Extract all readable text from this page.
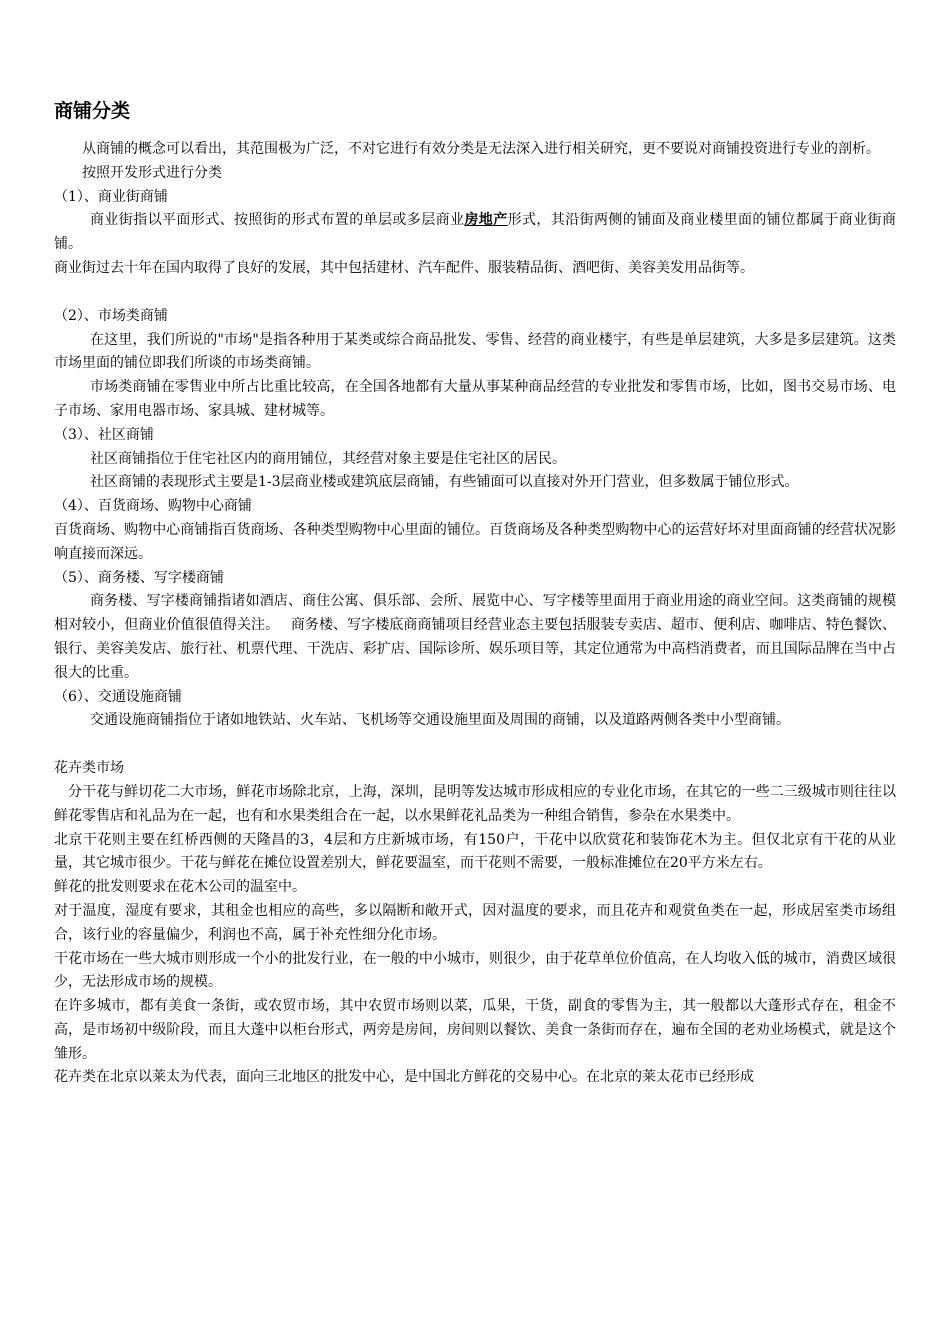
商铺分类

从商铺的概念可以看出，其范围极为广泛，不对它进行有效分类是无法深入进行相关研究，更不要说对商铺投资进行专业的剖析。

按照开发形式进行分类

（1）、商业街商铺

商业街指以平面形式、按照街的形式布置的单层或多层商业房地产形式，其沿街两侧的铺面及商业楼里面的铺位都属于商业街商铺。

商业街过去十年在国内取得了良好的发展，其中包括建材、汽车配件、服装精品街、酒吧街、美容美发用品街等。

（2）、市场类商铺

在这里，我们所说的"市场"是指各种用于某类或综合商品批发、零售、经营的商业楼宇，有些是单层建筑，大多是多层建筑。这类市场里面的铺位即我们所谈的市场类商铺。

市场类商铺在零售业中所占比重比较高，在全国各地都有大量从事某种商品经营的专业批发和零售市场，比如，图书交易市场、电子市场、家用电器市场、家具城、建材城等。

（3）、社区商铺

社区商铺指位于住宅社区内的商用铺位，其经营对象主要是住宅社区的居民。

社区商铺的表现形式主要是1-3层商业楼或建筑底层商铺，有些铺面可以直接对外开门营业，但多数属于铺位形式。

（4）、百货商场、购物中心商铺

百货商场、购物中心商铺指百货商场、各种类型购物中心里面的铺位。百货商场及各种类型购物中心的运营好坏对里面商铺的经营状况影响直接而深远。

（5）、商务楼、写字楼商铺

商务楼、写字楼商铺指诸如酒店、商住公寓、俱乐部、会所、展览中心、写字楼等里面用于商业用途的商业空间。这类商铺的规模相对较小，但商业价值很值得关注。　 商务楼、写字楼底商商铺项目经营业态主要包括服装专卖店、超市、便利店、咖啡店、特色餐饮、银行、美容美发店、旅行社、机票代理、干洗店、彩扩店、国际诊所、娱乐项目等，其定位通常为中高档消费者，而且国际品牌在当中占很大的比重。

（6）、交通设施商铺

交通设施商铺指位于诸如地铁站、火车站、飞机场等交通设施里面及周围的商铺，以及道路两侧各类中小型商铺。

花卉类市场

分干花与鲜切花二大市场，鲜花市场除北京，上海，深圳，昆明等发达城市形成相应的专业化市场，在其它的一些二三级城市则往往以鲜花零售店和礼品为在一起，也有和水果类组合在一起，以水果鲜花礼品类为一种组合销售，参杂在水果类中。

北京干花则主要在红桥西侧的天隆昌的3，4层和方庄新城市场，有150户，干花中以欣赏花和装饰花木为主。但仅北京有干花的从业量，其它城市很少。干花与鲜花在摊位设置差别大，鲜花要温室，而干花则不需要，一般标准摊位在20平方米左右。

鲜花的批发则要求在花木公司的温室中。

对于温度，湿度有要求，其租金也相应的高些，多以隔断和敞开式，因对温度的要求，而且花卉和观赏鱼类在一起，形成居室类市场组合，该行业的容量偏少，利润也不高，属于补充性细分化市场。

干花市场在一些大城市则形成一个小的批发行业，在一般的中小城市，则很少，由于花草单位价值高，在人均收入低的城市，消费区域很少，无法形成市场的规模。

在许多城市，都有美食一条街，或农贸市场，其中农贸市场则以菜，瓜果，干货，副食的零售为主，其一般都以大蓬形式存在，租金不高，是市场初中级阶段，而且大蓬中以柜台形式，两旁是房间，房间则以餐饮、美食一条街而存在，遍布全国的老劝业场模式，就是这个雏形。

花卉类在北京以莱太为代表，面向三北地区的批发中心，是中国北方鲜花的交易中心。在北京的莱太花市已经形成
